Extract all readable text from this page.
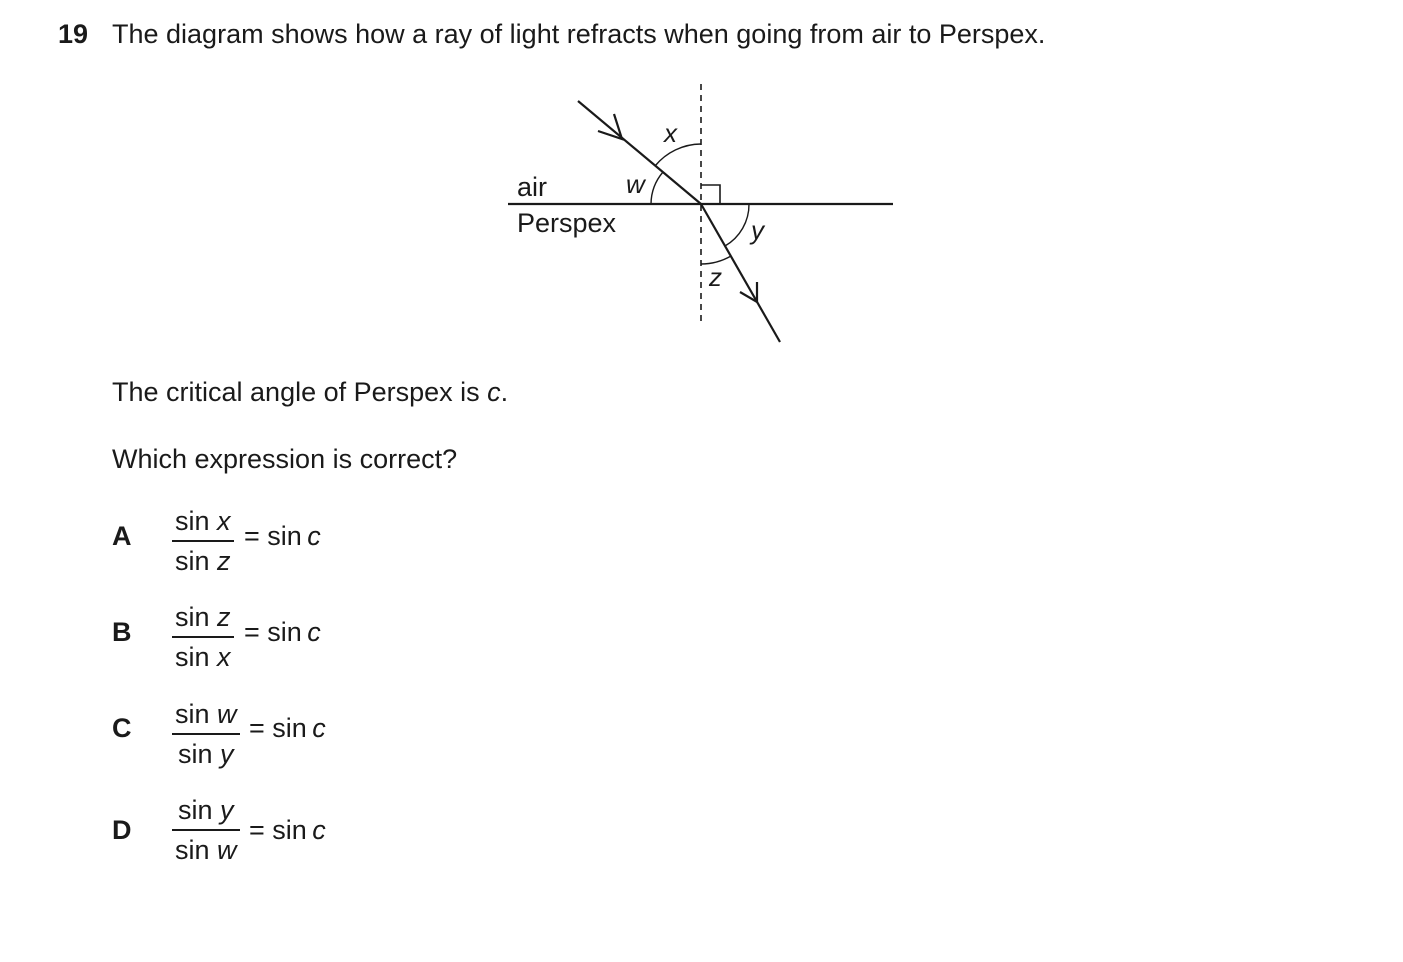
19 The diagram shows how a ray of light refracts when going from air to Perspex.
air
Perspex
x
w
y
z
The critical angle of Perspex is c.
Which expression is correct?
A $\frac{\text{sin x}}{\text{sin z}} = \sin c$
B $\frac{\text{sin z}}{\text{sin x}} = \sin c$
C $\frac{\text{sin w}}{\text{sin y}} = \sin c$
D $\frac{\text{sin y}}{\text{sin w}} = \sin c$
